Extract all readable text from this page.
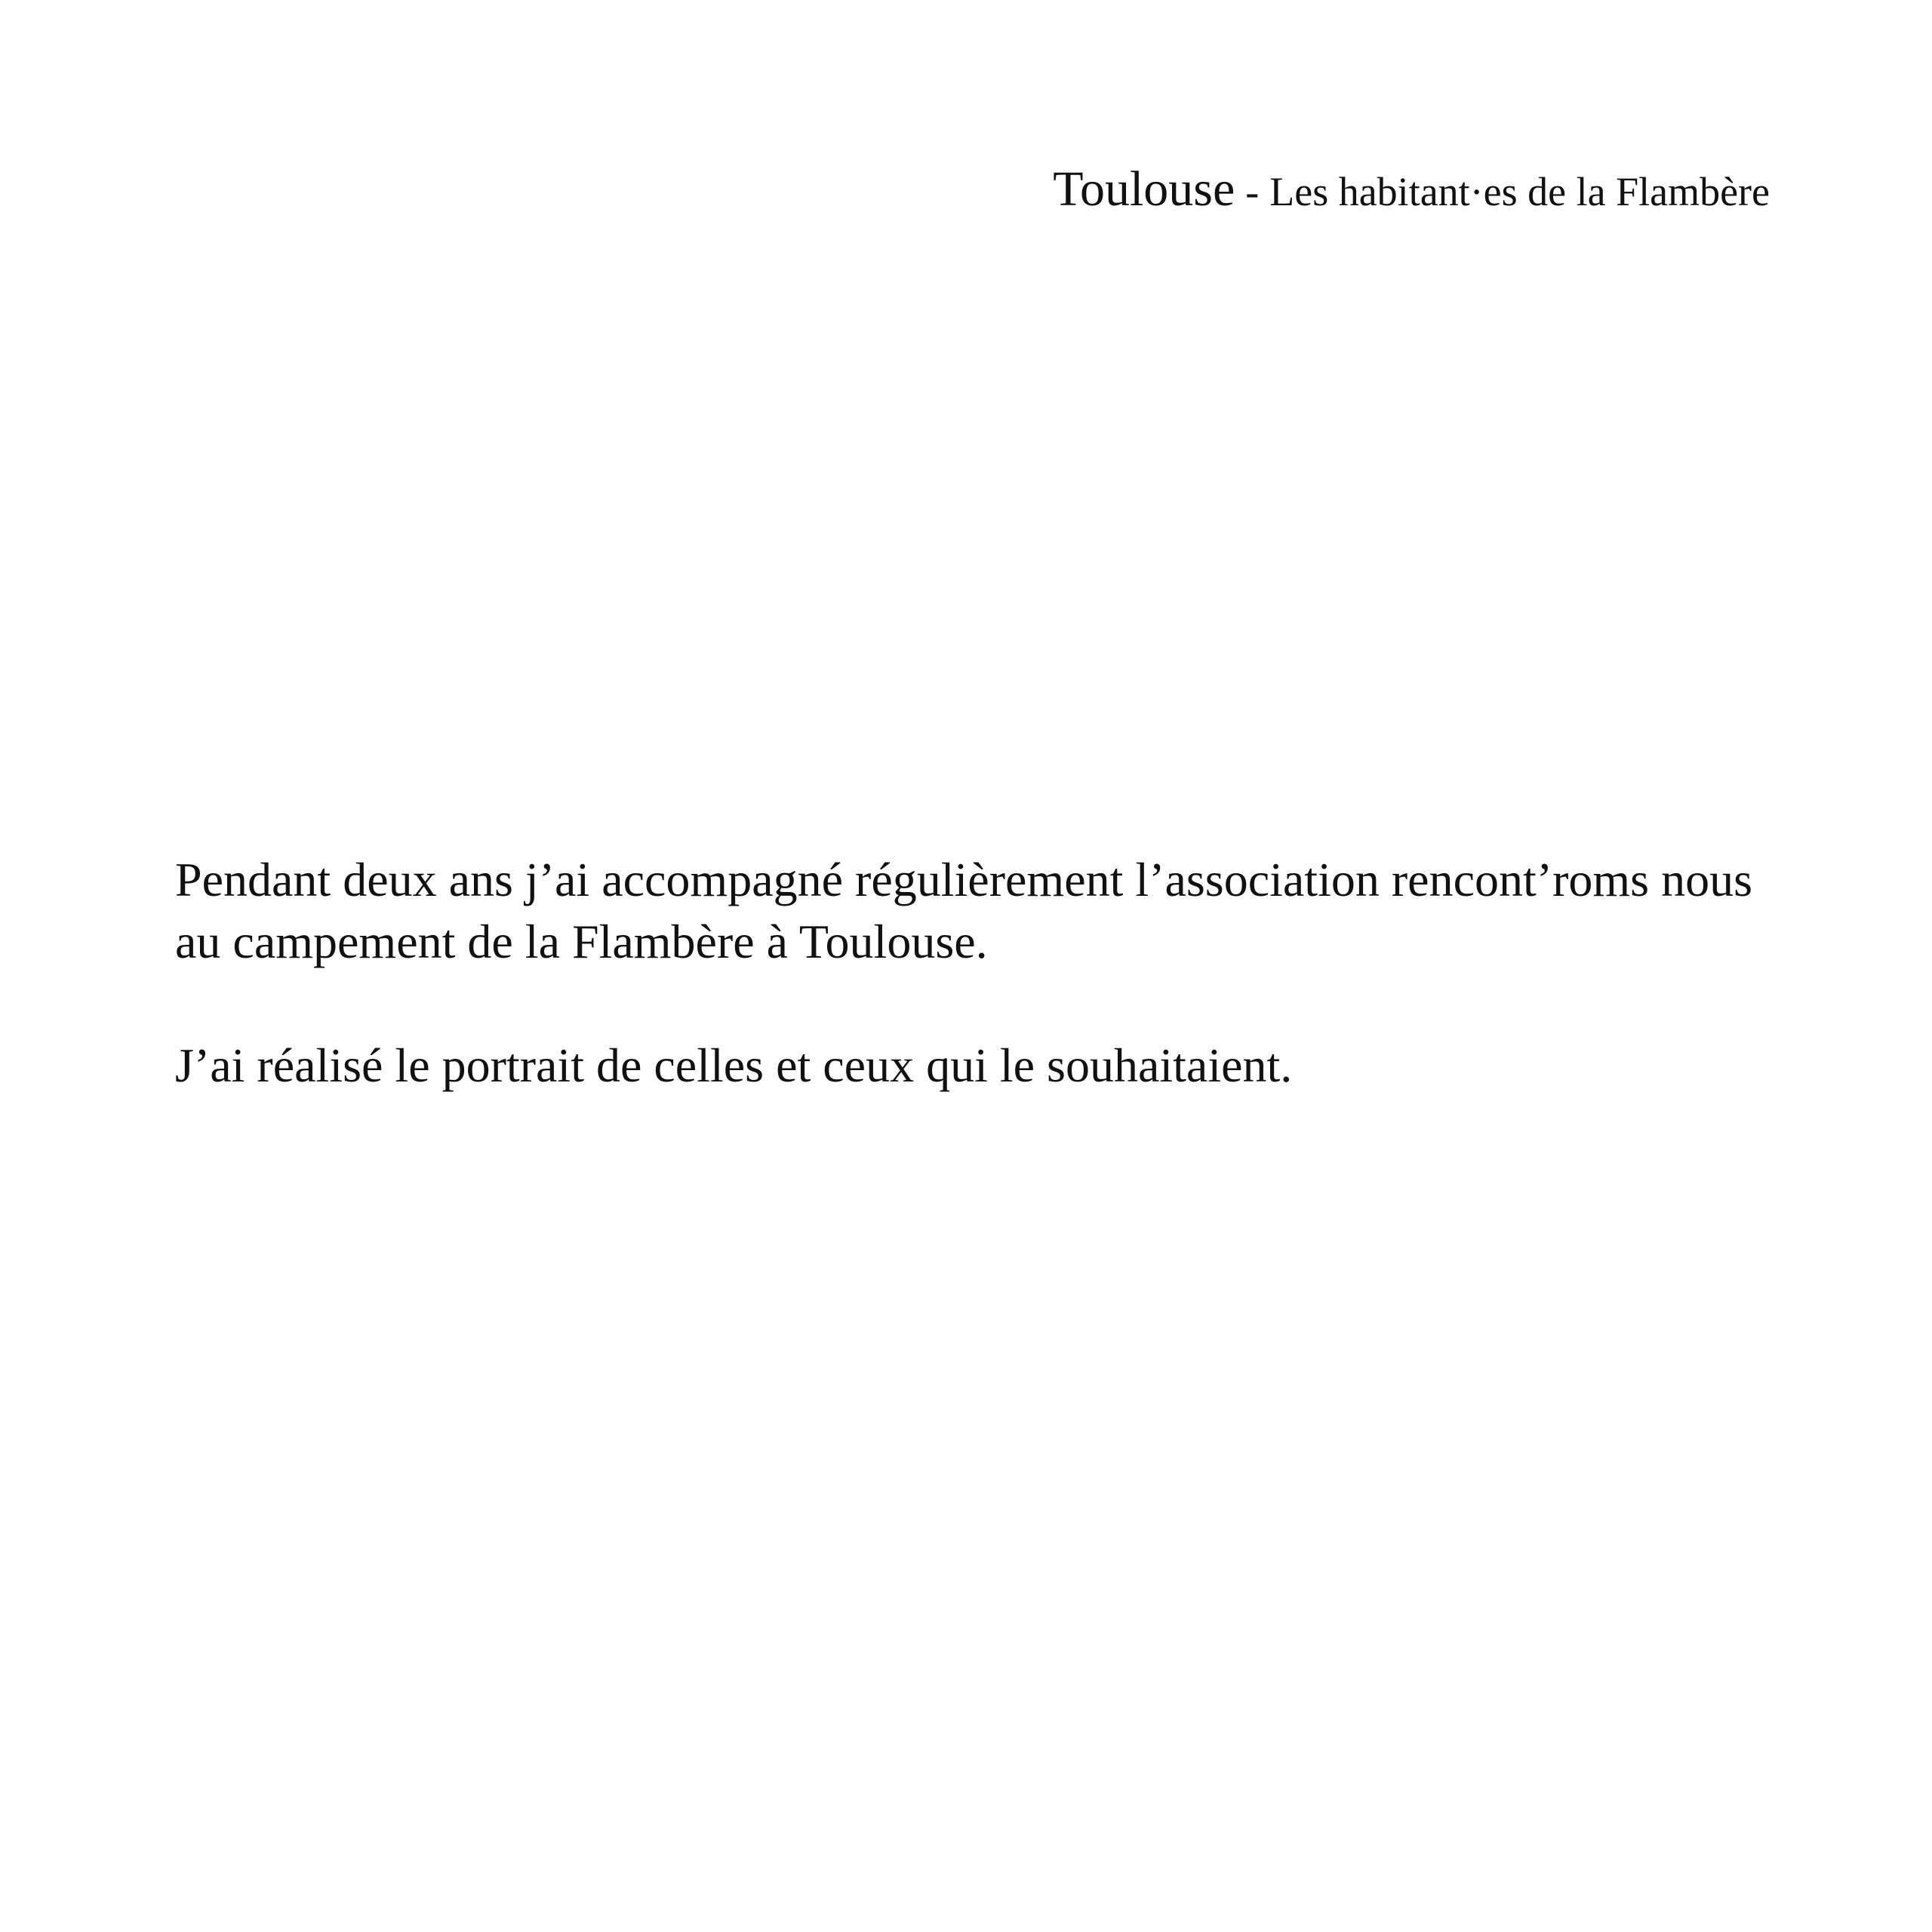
Toulouse - Les habitant·es de la Flambère

Pendant deux ans j’ai accompagné régulièrement l’association rencont’roms nous au campement de la Flambère à Toulouse.

J’ai réalisé le portrait de celles et ceux qui le souhaitaient.
